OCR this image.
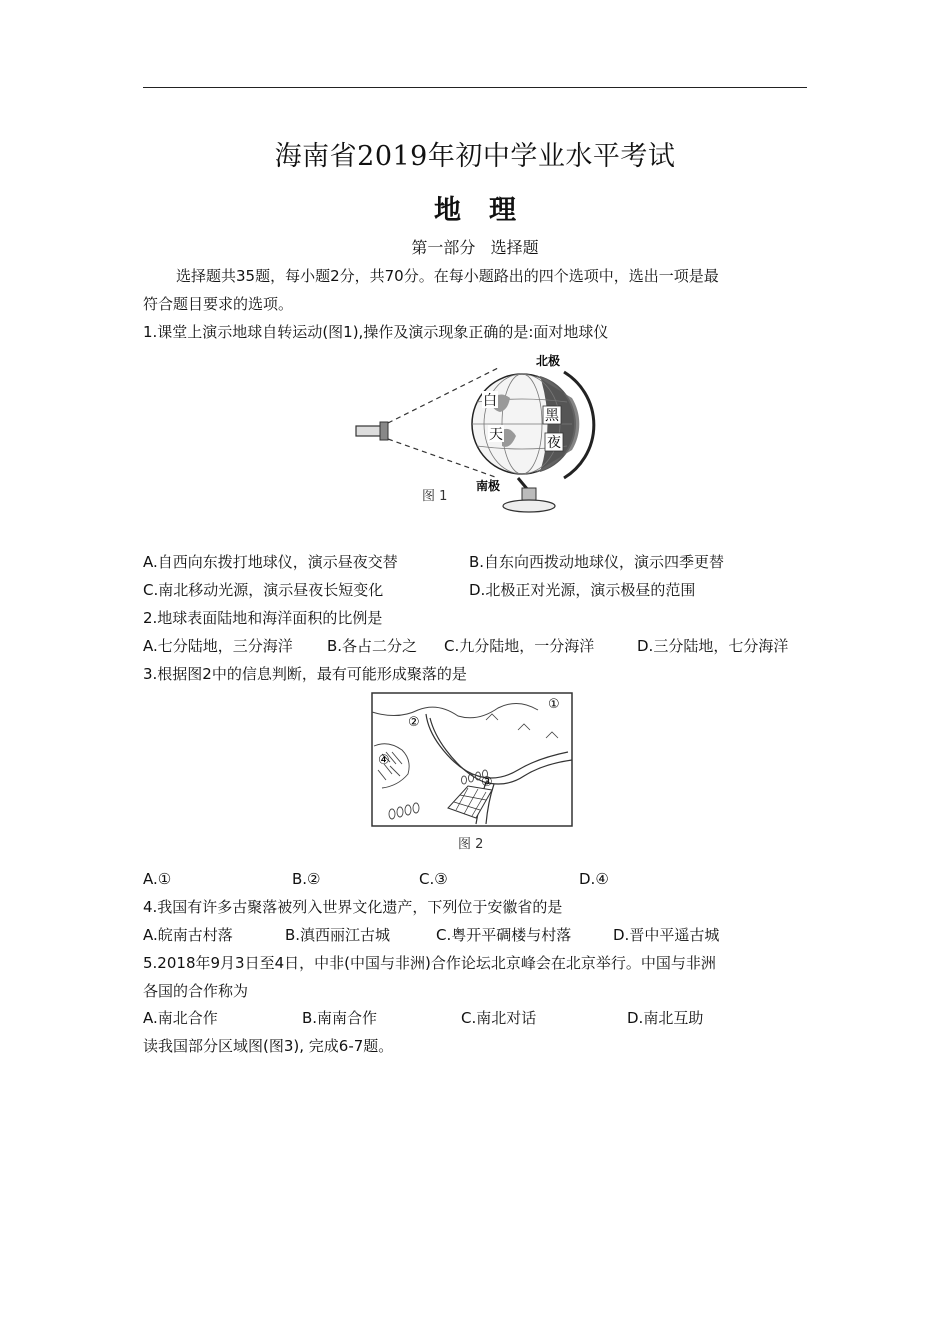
海南省2019年初中学业水平考试
地理
第一部分   选择题
选择题共35题，每小题2分，共70分。在每小题路出的四个选项中，选出一项是最
符合题目要求的选项。
1.课堂上演示地球自转运动(图1),操作及演示现象正确的是:面对地球仪
北极
南极
白
天
黑
夜
图 1
A.自西向东拨打地球仪，演示昼夜交替	B.自东向西拨动地球仪，演示四季更替
C.南北移动光源，演示昼夜长短变化	D.北极正对光源，演示极昼的范围
2.地球表面陆地和海洋面积的比例是
A.七分陆地，三分海洋 B.各占二分之 C.九分陆地，一分海洋	D.三分陆地，七分海洋
3.根据图2中的信息判断，最有可能形成聚落的是
①
②
③
④
图 2
A.①	B.②	C.③	D.④
4.我国有许多古聚落被列入世界文化遗产，下列位于安徽省的是
A.皖南古村落	B.滇西丽江古城	C.粤开平碉楼与村落	D.晋中平遥古城
5.2018年9月3日至4日，中非(中国与非洲)合作论坛北京峰会在北京举行。中国与非洲
各国的合作称为
A.南北合作	B.南南合作	C.南北对话	D.南北互助
读我国部分区域图(图3), 完成6-7题。
